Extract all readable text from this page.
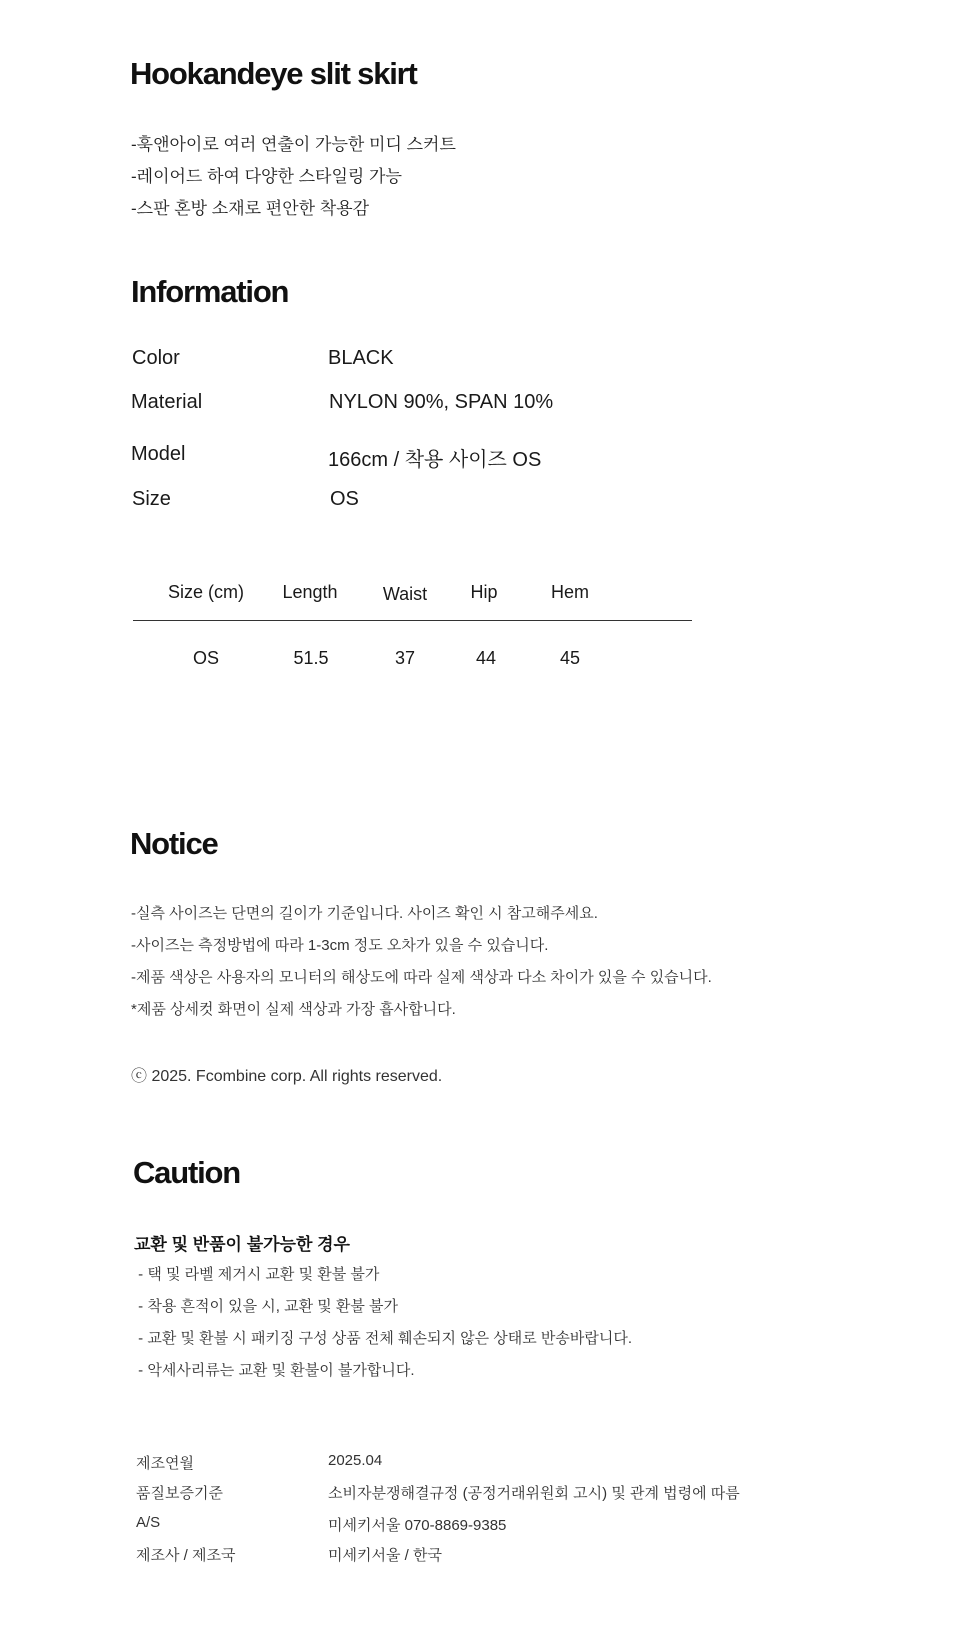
Hookandeye slit skirt
-훅앤아이로 여러 연출이 가능한 미디 스커트
-레이어드 하여 다양한 스타일링 가능
-스판 혼방 소재로 편안한 착용감
Information
Color	BLACK
Material	NYLON 90%, SPAN 10%
Model	166cm / 착용 사이즈 OS
Size	OS
Size (cm)	Length	Waist	Hip	Hem
OS	51.5	37	44	45
Notice
-실측 사이즈는 단면의 길이가 기준입니다. 사이즈 확인 시 참고해주세요.
-사이즈는 측정방법에 따라 1-3cm 정도 오차가 있을 수 있습니다.
-제품 색상은 사용자의 모니터의 해상도에 따라 실제 색상과 다소 차이가 있을 수 있습니다.
*제품 상세컷 화면이 실제 색상과 가장 흡사합니다.
ⓒ 2025. Fcombine corp. All rights reserved.
Caution
교환 및 반품이 불가능한 경우
- 택 및 라벨 제거시 교환 및 환불 불가
- 착용 흔적이 있을 시, 교환 및 환불 불가
- 교환 및 환불 시 패키징 구성 상품 전체 훼손되지 않은 상태로 반송바랍니다.
- 악세사리류는 교환 및 환불이 불가합니다.
제조연월	2025.04
품질보증기준	소비자분쟁해결규정 (공정거래위원회 고시) 및 관계 법령에 따름
A/S	미세키서울 070-8869-9385
제조사 / 제조국	미세키서울 / 한국
